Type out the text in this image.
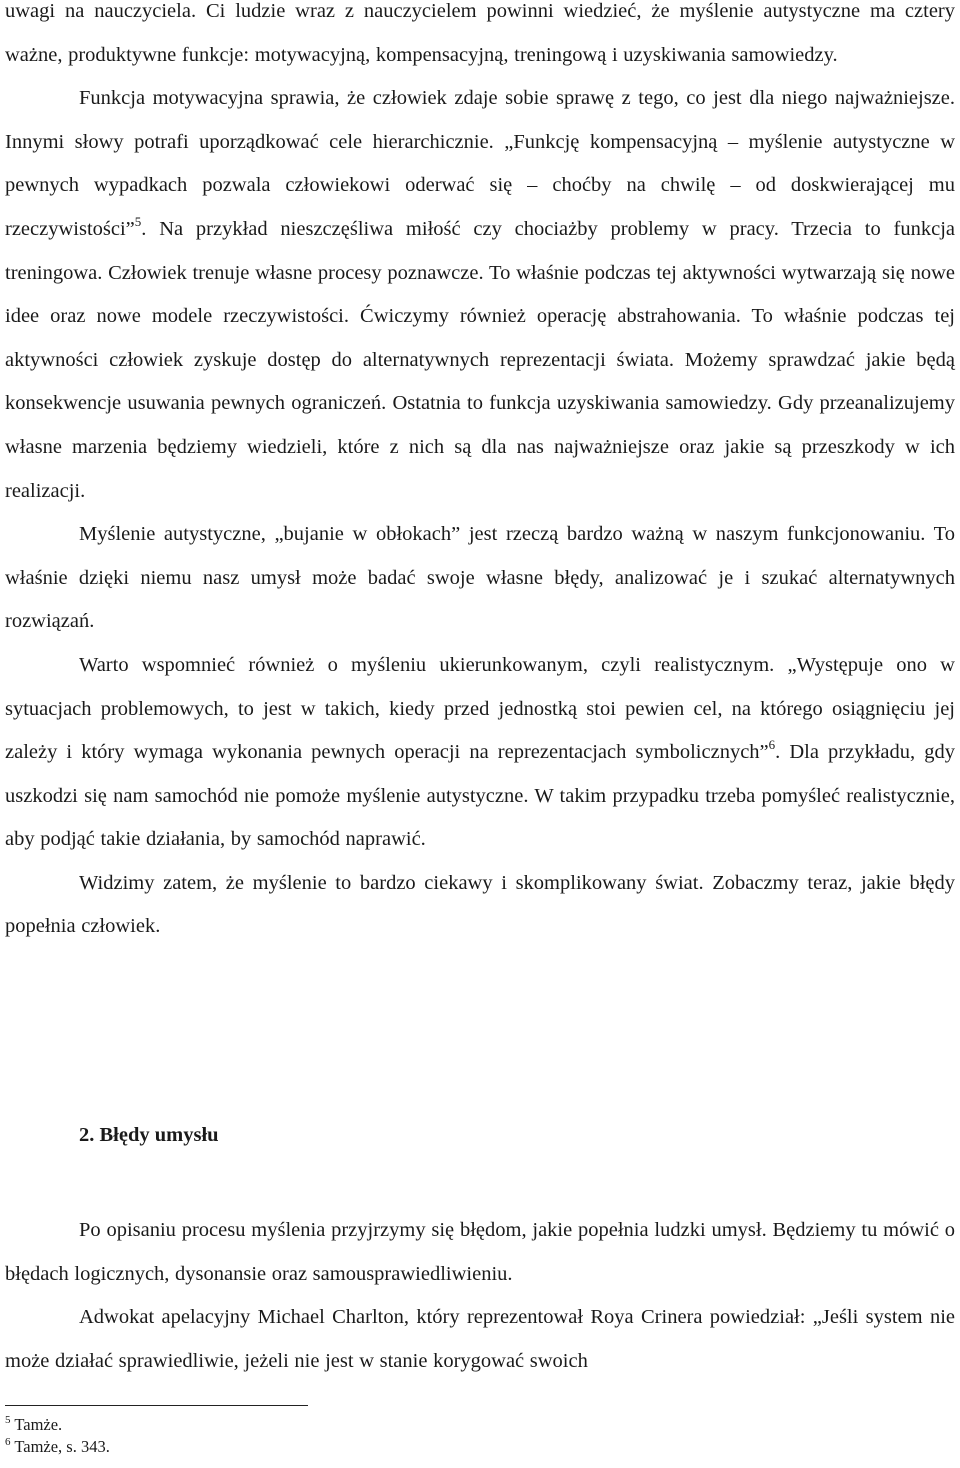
uwagi na nauczyciela. Ci ludzie wraz z nauczycielem powinni wiedzieć, że myślenie autystyczne ma cztery ważne, produktywne funkcje: motywacyjną, kompensacyjną, treningową i uzyskiwania samowiedzy.

Funkcja motywacyjna sprawia, że człowiek zdaje sobie sprawę z tego, co jest dla niego najważniejsze. Innymi słowy potrafi uporządkować cele hierarchicznie. „Funkcję kompensacyjną – myślenie autystyczne w pewnych wypadkach pozwala człowiekowi oderwać się – choćby na chwilę – od doskwierającej mu rzeczywistości”$^5$. Na przykład nieszczęśliwa miłość czy chociażby problemy w pracy. Trzecia to funkcja treningowa. Człowiek trenuje własne procesy poznawcze. To właśnie podczas tej aktywności wytwarzają się nowe idee oraz nowe modele rzeczywistości. Ćwiczymy również operację abstrahowania. To właśnie podczas tej aktywności człowiek zyskuje dostęp do alternatywnych reprezentacji świata. Możemy sprawdzać jakie będą konsekwencje usuwania pewnych ograniczeń. Ostatnia to funkcja uzyskiwania samowiedzy. Gdy przeanalizujemy własne marzenia będziemy wiedzieli, które z nich są dla nas najważniejsze oraz jakie są przeszkody w ich realizacji.

Myślenie autystyczne, „bujanie w obłokach” jest rzeczą bardzo ważną w naszym funkcjonowaniu. To właśnie dzięki niemu nasz umysł może badać swoje własne błędy, analizować je i szukać alternatywnych rozwiązań.

Warto wspomnieć również o myśleniu ukierunkowanym, czyli realistycznym. „Występuje ono w sytuacjach problemowych, to jest w takich, kiedy przed jednostką stoi pewien cel, na którego osiągnięciu jej zależy i który wymaga wykonania pewnych operacji na reprezentacjach symbolicznych”$^6$. Dla przykładu, gdy uszkodzi się nam samochód nie pomoże myślenie autystyczne. W takim przypadku trzeba pomyśleć realistycznie, aby podjąć takie działania, by samochód naprawić.

Widzimy zatem, że myślenie to bardzo ciekawy i skomplikowany świat. Zobaczmy teraz, jakie błędy popełnia człowiek.

2. Błędy umysłu

Po opisaniu procesu myślenia przyjrzymy się błędom, jakie popełnia ludzki umysł. Będziemy tu mówić o błędach logicznych, dysonansie oraz samousprawiedliwieniu.

Adwokat apelacyjny Michael Charlton, który reprezentował Roya Crinera powiedział: „Jeśli system nie może działać sprawiedliwie, jeżeli nie jest w stanie korygować swoich

$^5$ Tamże.

$^6$ Tamże, s. 343.
